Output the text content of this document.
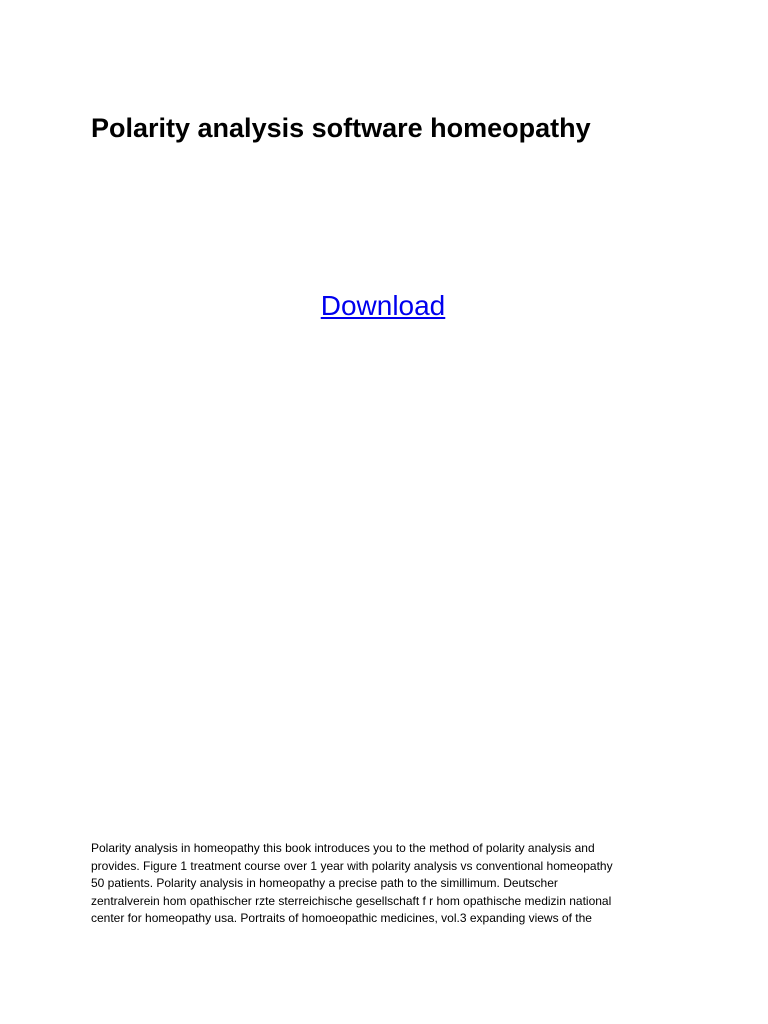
Polarity analysis software homeopathy
Download

Polarity analysis in homeopathy this book introduces you to the method of polarity analysis and
provides. Figure 1 treatment course over 1 year with polarity analysis vs conventional homeopathy
50 patients. Polarity analysis in homeopathy a precise path to the simillimum. Deutscher
zentralverein hom opathischer rzte sterreichische gesellschaft f r hom opathische medizin national
center for homeopathy usa. Portraits of homoeopathic medicines, vol.3 expanding views of the
